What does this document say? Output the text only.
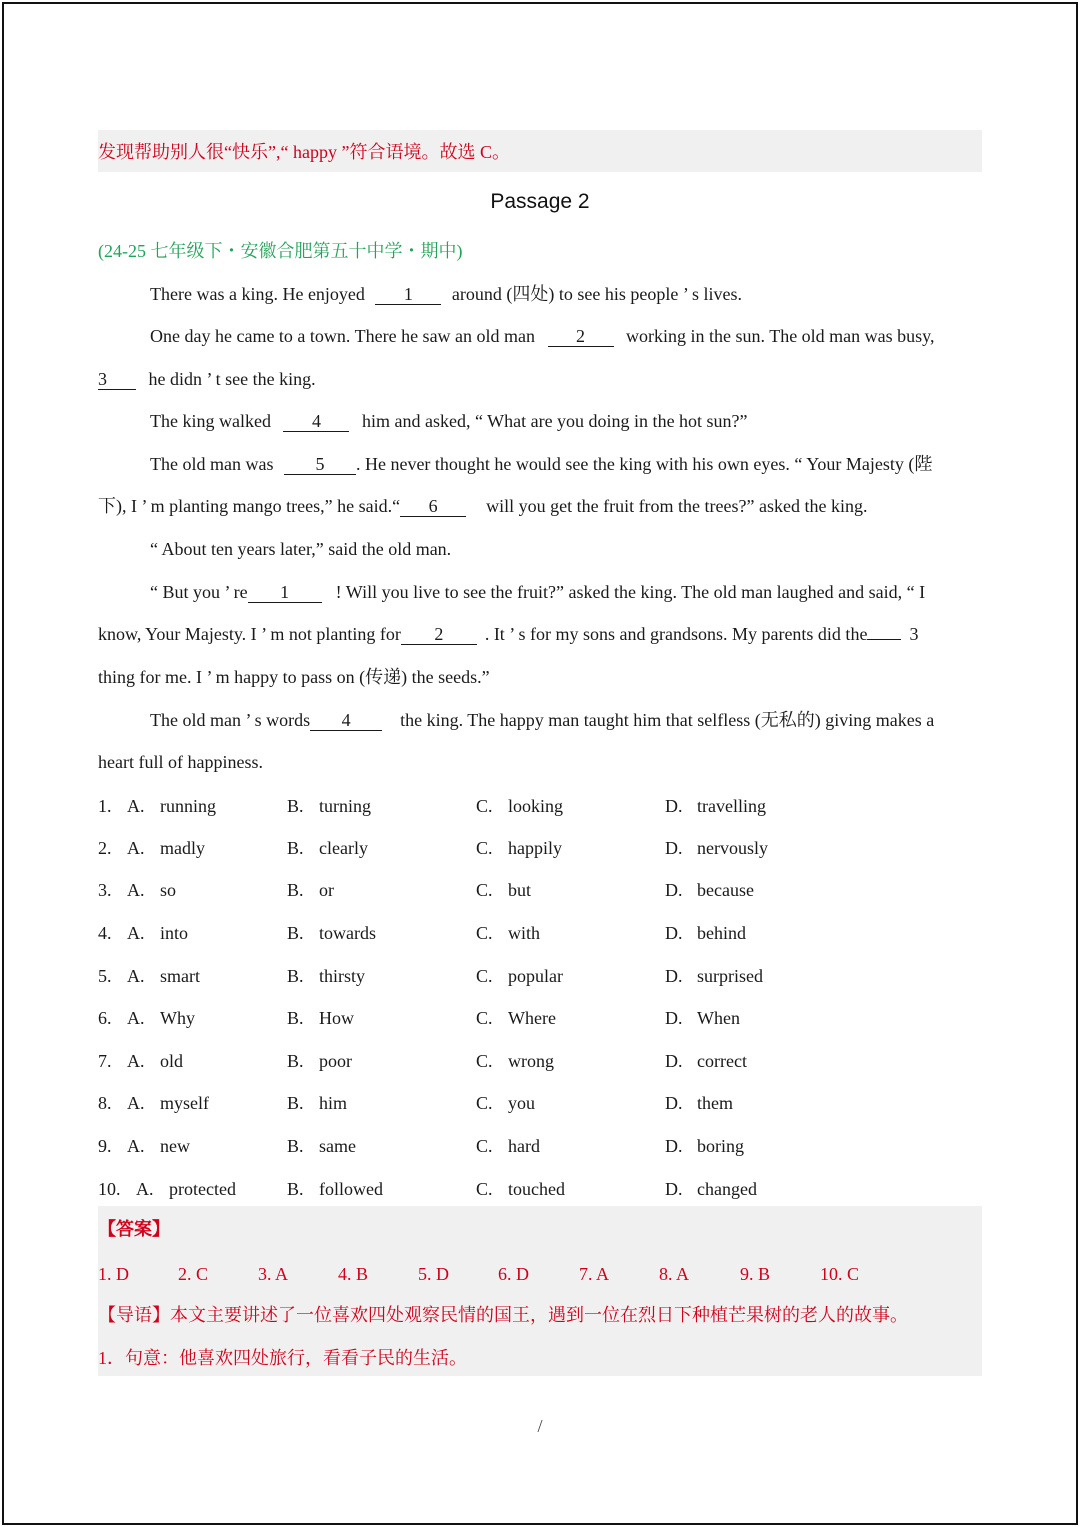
发现帮助别人很“快乐”,“ happy ”符合语境。故选 C。
Passage 2
(24-25 七年级下・安徽合肥第五十中学・期中)
There was a king. He enjoyed 1 around (四处) to see his people ’ s lives.
One day he came to a town. There he saw an old man 2 working in the sun. The old man was busy,
3 he didn ’ t see the king.
The king walked 4 him and asked, “ What are you doing in the hot sun?”
The old man was 5 . He never thought he would see the king with his own eyes. “ Your Majesty (陛
下), I ’ m planting mango trees,” he said.“ 6	will you get the fruit from the trees?” asked the king.
“ About ten years later,” said the old man.
“ But you ’ re 1	! Will you live to see the fruit?” asked the king. The old man laughed and said, “ I
know, Your Majesty. I ’ m not planting for 2 . It ’ s for my sons and grandsons. My parents did the 3
thing for me. I ’ m happy to pass on (传递) the seeds.”
The old man ’ s words 4	the king. The happy man taught him that selfless (无私的) giving makes a
heart full of happiness.
1. A. running	B. turning	C. looking	D. travelling
2. A. madly	B. clearly	C. happily	D. nervously
3. A. so	B. or	C. but	D. because
4. A. into	B. towards	C. with	D. behind
5. A. smart	B. thirsty	C. popular	D. surprised
6. A. Why	B. How	C. Where	D. When
7. A. old	B. poor	C. wrong	D. correct
8. A. myself	B. him	C. you	D. them
9. A. new	B. same	C. hard	D. boring
10. A. protected	B. followed	C. touched	D. changed
【答案】
1. D	2. C	3. A	4. B	5. D	6. D	7. A	8. A	9. B	10. C
【导语】本文主要讲述了一位喜欢四处观察民情的国王，遇到一位在烈日下种植芒果树的老人的故事。
1．句意：他喜欢四处旅行，看看子民的生活。
/
